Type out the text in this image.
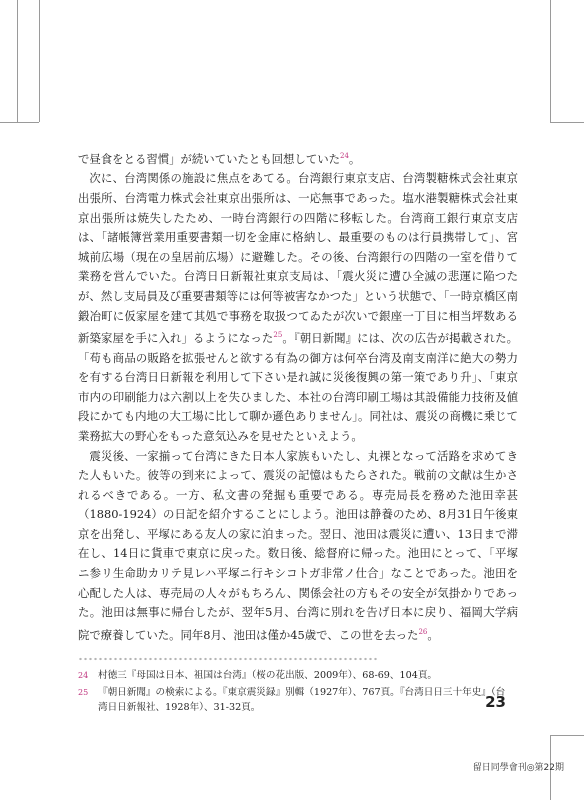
で昼食をとる習慣」が続いていたとも回想していた$^{24}$。

次に、台湾関係の施設に焦点をあてる。台湾銀行東京支店、台湾製糖株式会社東京出張所、台湾電力株式会社東京出張所は、一応無事であった。塩水港製糖株式会社東京出張所は焼失したため、一時台湾銀行の四階に移転した。台湾商工銀行東京支店は、「諸帳簿営業用重要書類一切を金庫に格納し、最重要のものは行員携帯して」、宮城前広場（現在の皇居前広場）に避難した。その後、台湾銀行の四階の一室を借りて業務を営んでいた。台湾日日新報社東京支局は、「震火災に遭ひ全滅の悲運に陥つたが、然し支局員及び重要書類等には何等被害なかつた」という状態で、「一時京橋区南鍛冶町に仮家屋を建て其処で事務を取扱つてゐたが次いで銀座一丁目に相当坪数ある新築家屋を手に入れ」るようになった$^{25}$。『朝日新聞』には、次の広告が掲載された。「苟も商品の販路を拡張せんと欲する有為の御方は何卒台湾及南支南洋に絶大の勢力を有する台湾日日新報を利用して下さい是れ誠に災後復興の第一策であり升」、「東京市内の印刷能力は六割以上を失ひました、本社の台湾印刷工場は其設備能力技術及値段にかても内地の大工場に比して聊か遜色ありません」。同社は、震災の商機に乗じて業務拡大の野心をもった意気込みを見せたといえよう。

震災後、一家揃って台湾にきた日本人家族もいたし、丸裸となって活路を求めてきた人もいた。彼等の到来によって、震災の記憶はもたらされた。戦前の文献は生かされるべきである。一方、私文書の発掘も重要である。専売局長を務めた池田幸甚（1880-1924）の日記を紹介することにしよう。池田は静養のため、8月31日午後東京を出発し、平塚にある友人の家に泊まった。翌日、池田は震災に遭い、13日まで滞在し、14日に貨車で東京に戻った。数日後、総督府に帰った。池田にとって、「平塚ニ参リ生命助カリテ見レハ平塚ニ行キシコトガ非常ノ仕合」なことであった。池田を心配した人は、専売局の人々がもちろん、関係会社の方もその安全が気掛かりであった。池田は無事に帰台したが、翌年5月、台湾に別れを告げ日本に戻り、福岡大学病院で療養していた。同年8月、池田は僅か45歳で、この世を去った$^{26}$。

24 村徳三『母国は日本、祖国は台湾』（桜の花出版、2009年）、68-69、104頁。
25 『朝日新聞』の検索による。『東京震災録』別輯（1927年）、767頁。『台湾日日三十年史』（台
湾日日新報社、1928年）、31-32頁。	23
留日同學會刊◎第22期
